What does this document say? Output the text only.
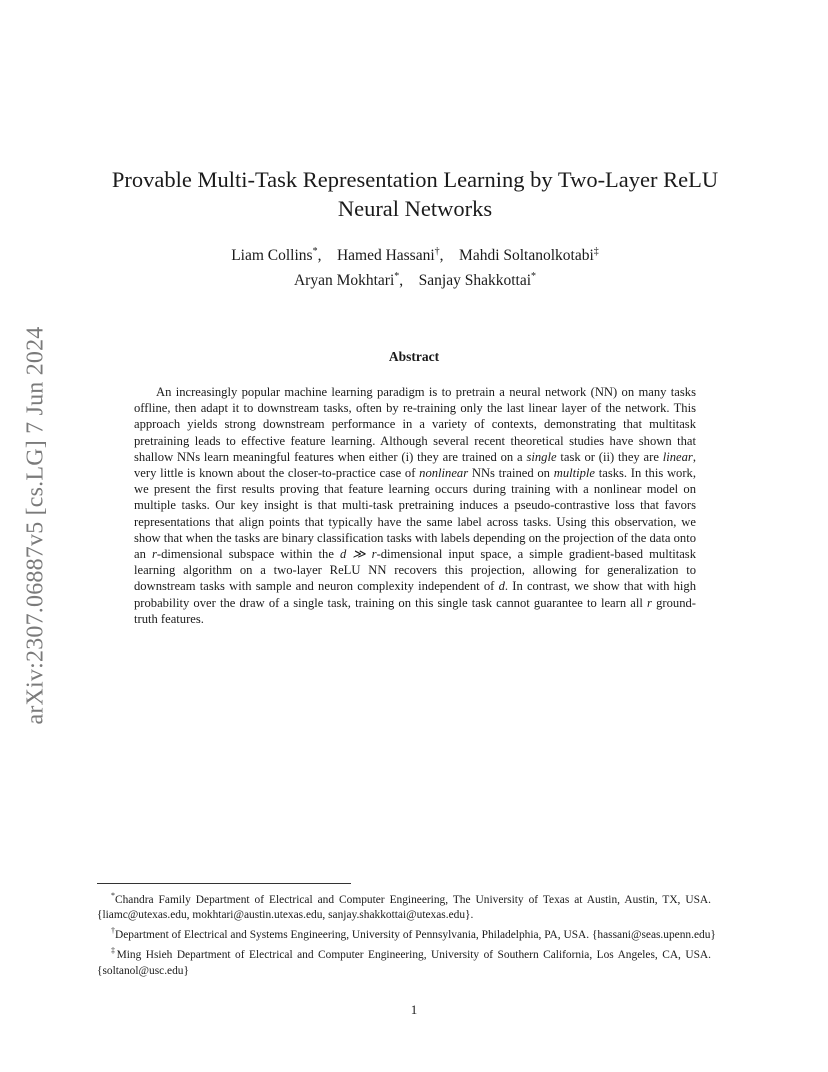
arXiv:2307.06887v5 [cs.LG] 7 Jun 2024
Provable Multi-Task Representation Learning by Two-Layer ReLU Neural Networks
Liam Collins*, Hamed Hassani†, Mahdi Soltanolkotabi‡
Aryan Mokhtari*, Sanjay Shakkottai*
Abstract

An increasingly popular machine learning paradigm is to pretrain a neural network (NN) on many tasks offline, then adapt it to downstream tasks, often by re-training only the last linear layer of the network. This approach yields strong downstream performance in a variety of contexts, demonstrating that multitask pretraining leads to effective feature learning. Although several recent theoretical studies have shown that shallow NNs learn meaningful features when either (i) they are trained on a single task or (ii) they are linear, very little is known about the closer-to-practice case of nonlinear NNs trained on multiple tasks. In this work, we present the first results proving that feature learning occurs during training with a nonlinear model on multiple tasks. Our key insight is that multi-task pretraining induces a pseudo-contrastive loss that favors representations that align points that typically have the same label across tasks. Using this observation, we show that when the tasks are binary classification tasks with labels depending on the projection of the data onto an r-dimensional subspace within the d ≫ r-dimensional input space, a simple gradient-based multitask learning algorithm on a two-layer ReLU NN recovers this projection, allowing for generalization to downstream tasks with sample and neuron complexity independent of d. In contrast, we show that with high probability over the draw of a single task, training on this single task cannot guarantee to learn all r ground-truth features.

*Chandra Family Department of Electrical and Computer Engineering, The University of Texas at Austin, Austin, TX, USA.{liamc@utexas.edu, mokhtari@austin.utexas.edu, sanjay.shakkottai@utexas.edu}.

†Department of Electrical and Systems Engineering, University of Pennsylvania, Philadelphia, PA, USA. {hassani@seas.upenn.edu}

‡Ming Hsieh Department of Electrical and Computer Engineering, University of Southern California, Los Angeles, CA, USA.{soltanol@usc.edu}

1
